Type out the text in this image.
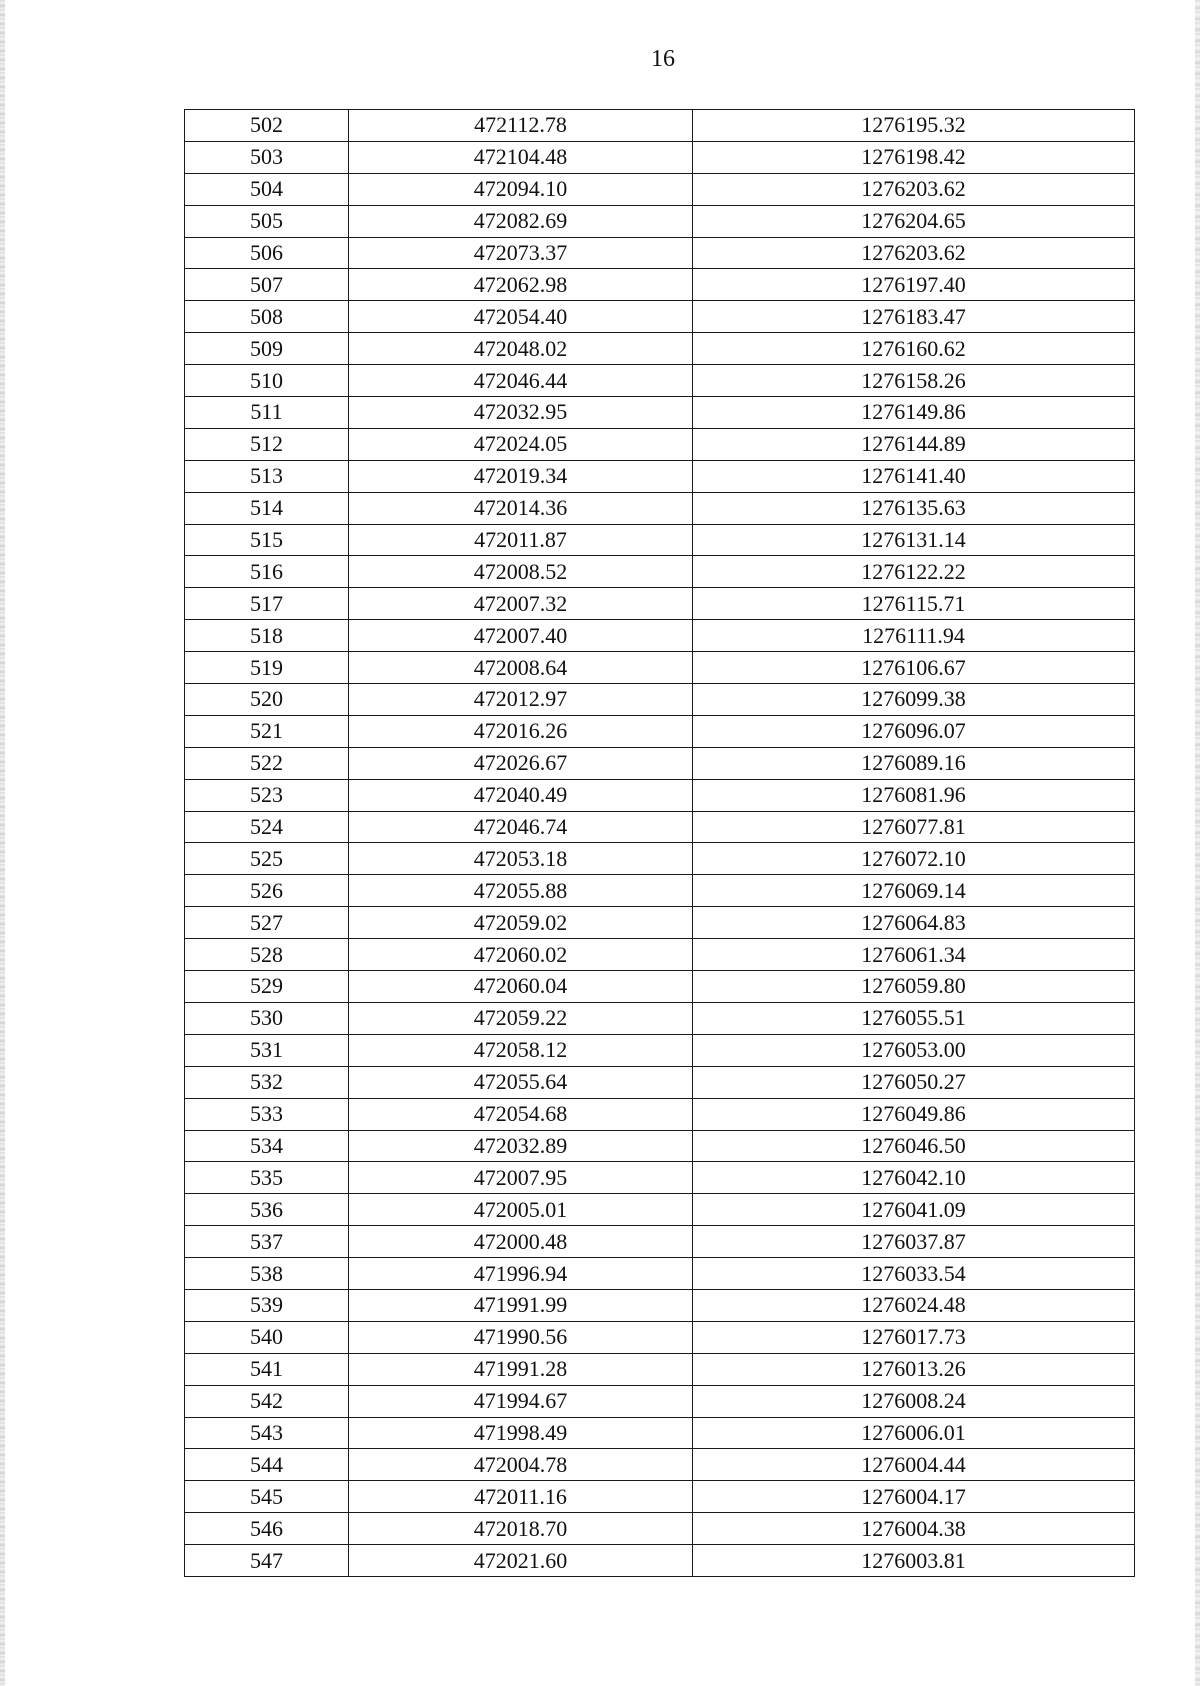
16
502	472112.78	1276195.32
503	472104.48	1276198.42
504	472094.10	1276203.62
505	472082.69	1276204.65
506	472073.37	1276203.62
507	472062.98	1276197.40
508	472054.40	1276183.47
509	472048.02	1276160.62
510	472046.44	1276158.26
511	472032.95	1276149.86
512	472024.05	1276144.89
513	472019.34	1276141.40
514	472014.36	1276135.63
515	472011.87	1276131.14
516	472008.52	1276122.22
517	472007.32	1276115.71
518	472007.40	1276111.94
519	472008.64	1276106.67
520	472012.97	1276099.38
521	472016.26	1276096.07
522	472026.67	1276089.16
523	472040.49	1276081.96
524	472046.74	1276077.81
525	472053.18	1276072.10
526	472055.88	1276069.14
527	472059.02	1276064.83
528	472060.02	1276061.34
529	472060.04	1276059.80
530	472059.22	1276055.51
531	472058.12	1276053.00
532	472055.64	1276050.27
533	472054.68	1276049.86
534	472032.89	1276046.50
535	472007.95	1276042.10
536	472005.01	1276041.09
537	472000.48	1276037.87
538	471996.94	1276033.54
539	471991.99	1276024.48
540	471990.56	1276017.73
541	471991.28	1276013.26
542	471994.67	1276008.24
543	471998.49	1276006.01
544	472004.78	1276004.44
545	472011.16	1276004.17
546	472018.70	1276004.38
547	472021.60	1276003.81
